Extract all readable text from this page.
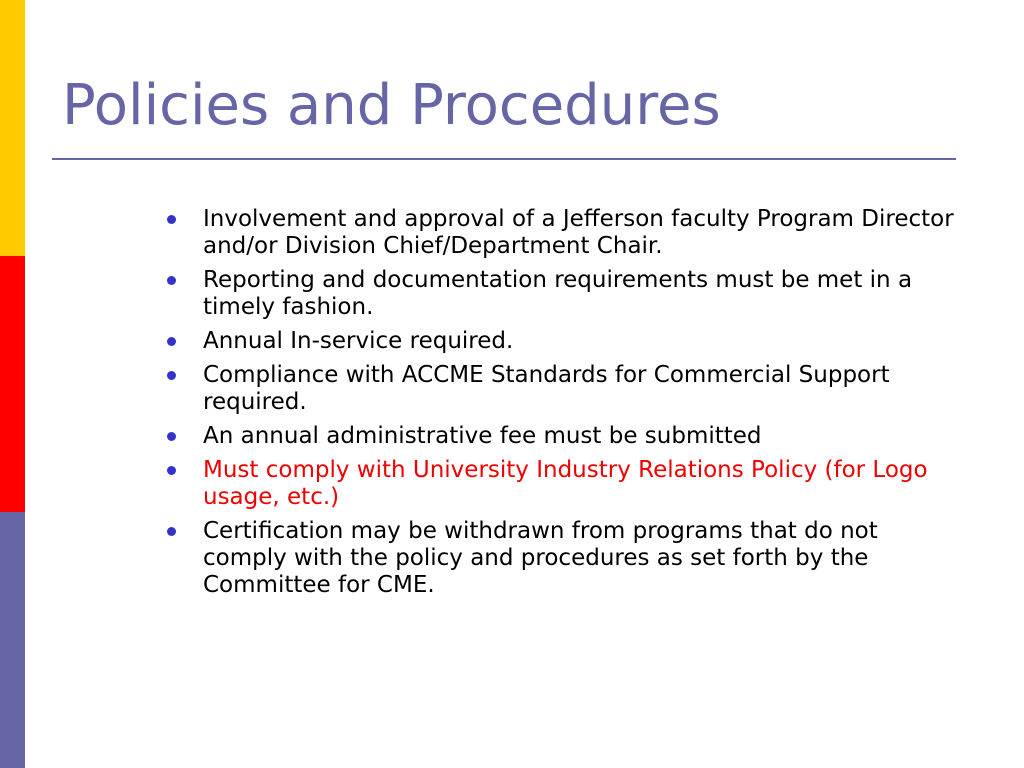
Policies and Procedures
Involvement and approval of a Jefferson faculty Program Director and/or Division Chief/Department Chair.
Reporting and documentation requirements must be met in a timely fashion.
Annual In-service required.
Compliance with ACCME Standards for Commercial Support required.
An annual administrative fee must be submitted
Must comply with University Industry Relations Policy (for Logo usage, etc.)
Certification may be withdrawn from programs that do not comply with the policy and procedures as set forth by the Committee for CME.
